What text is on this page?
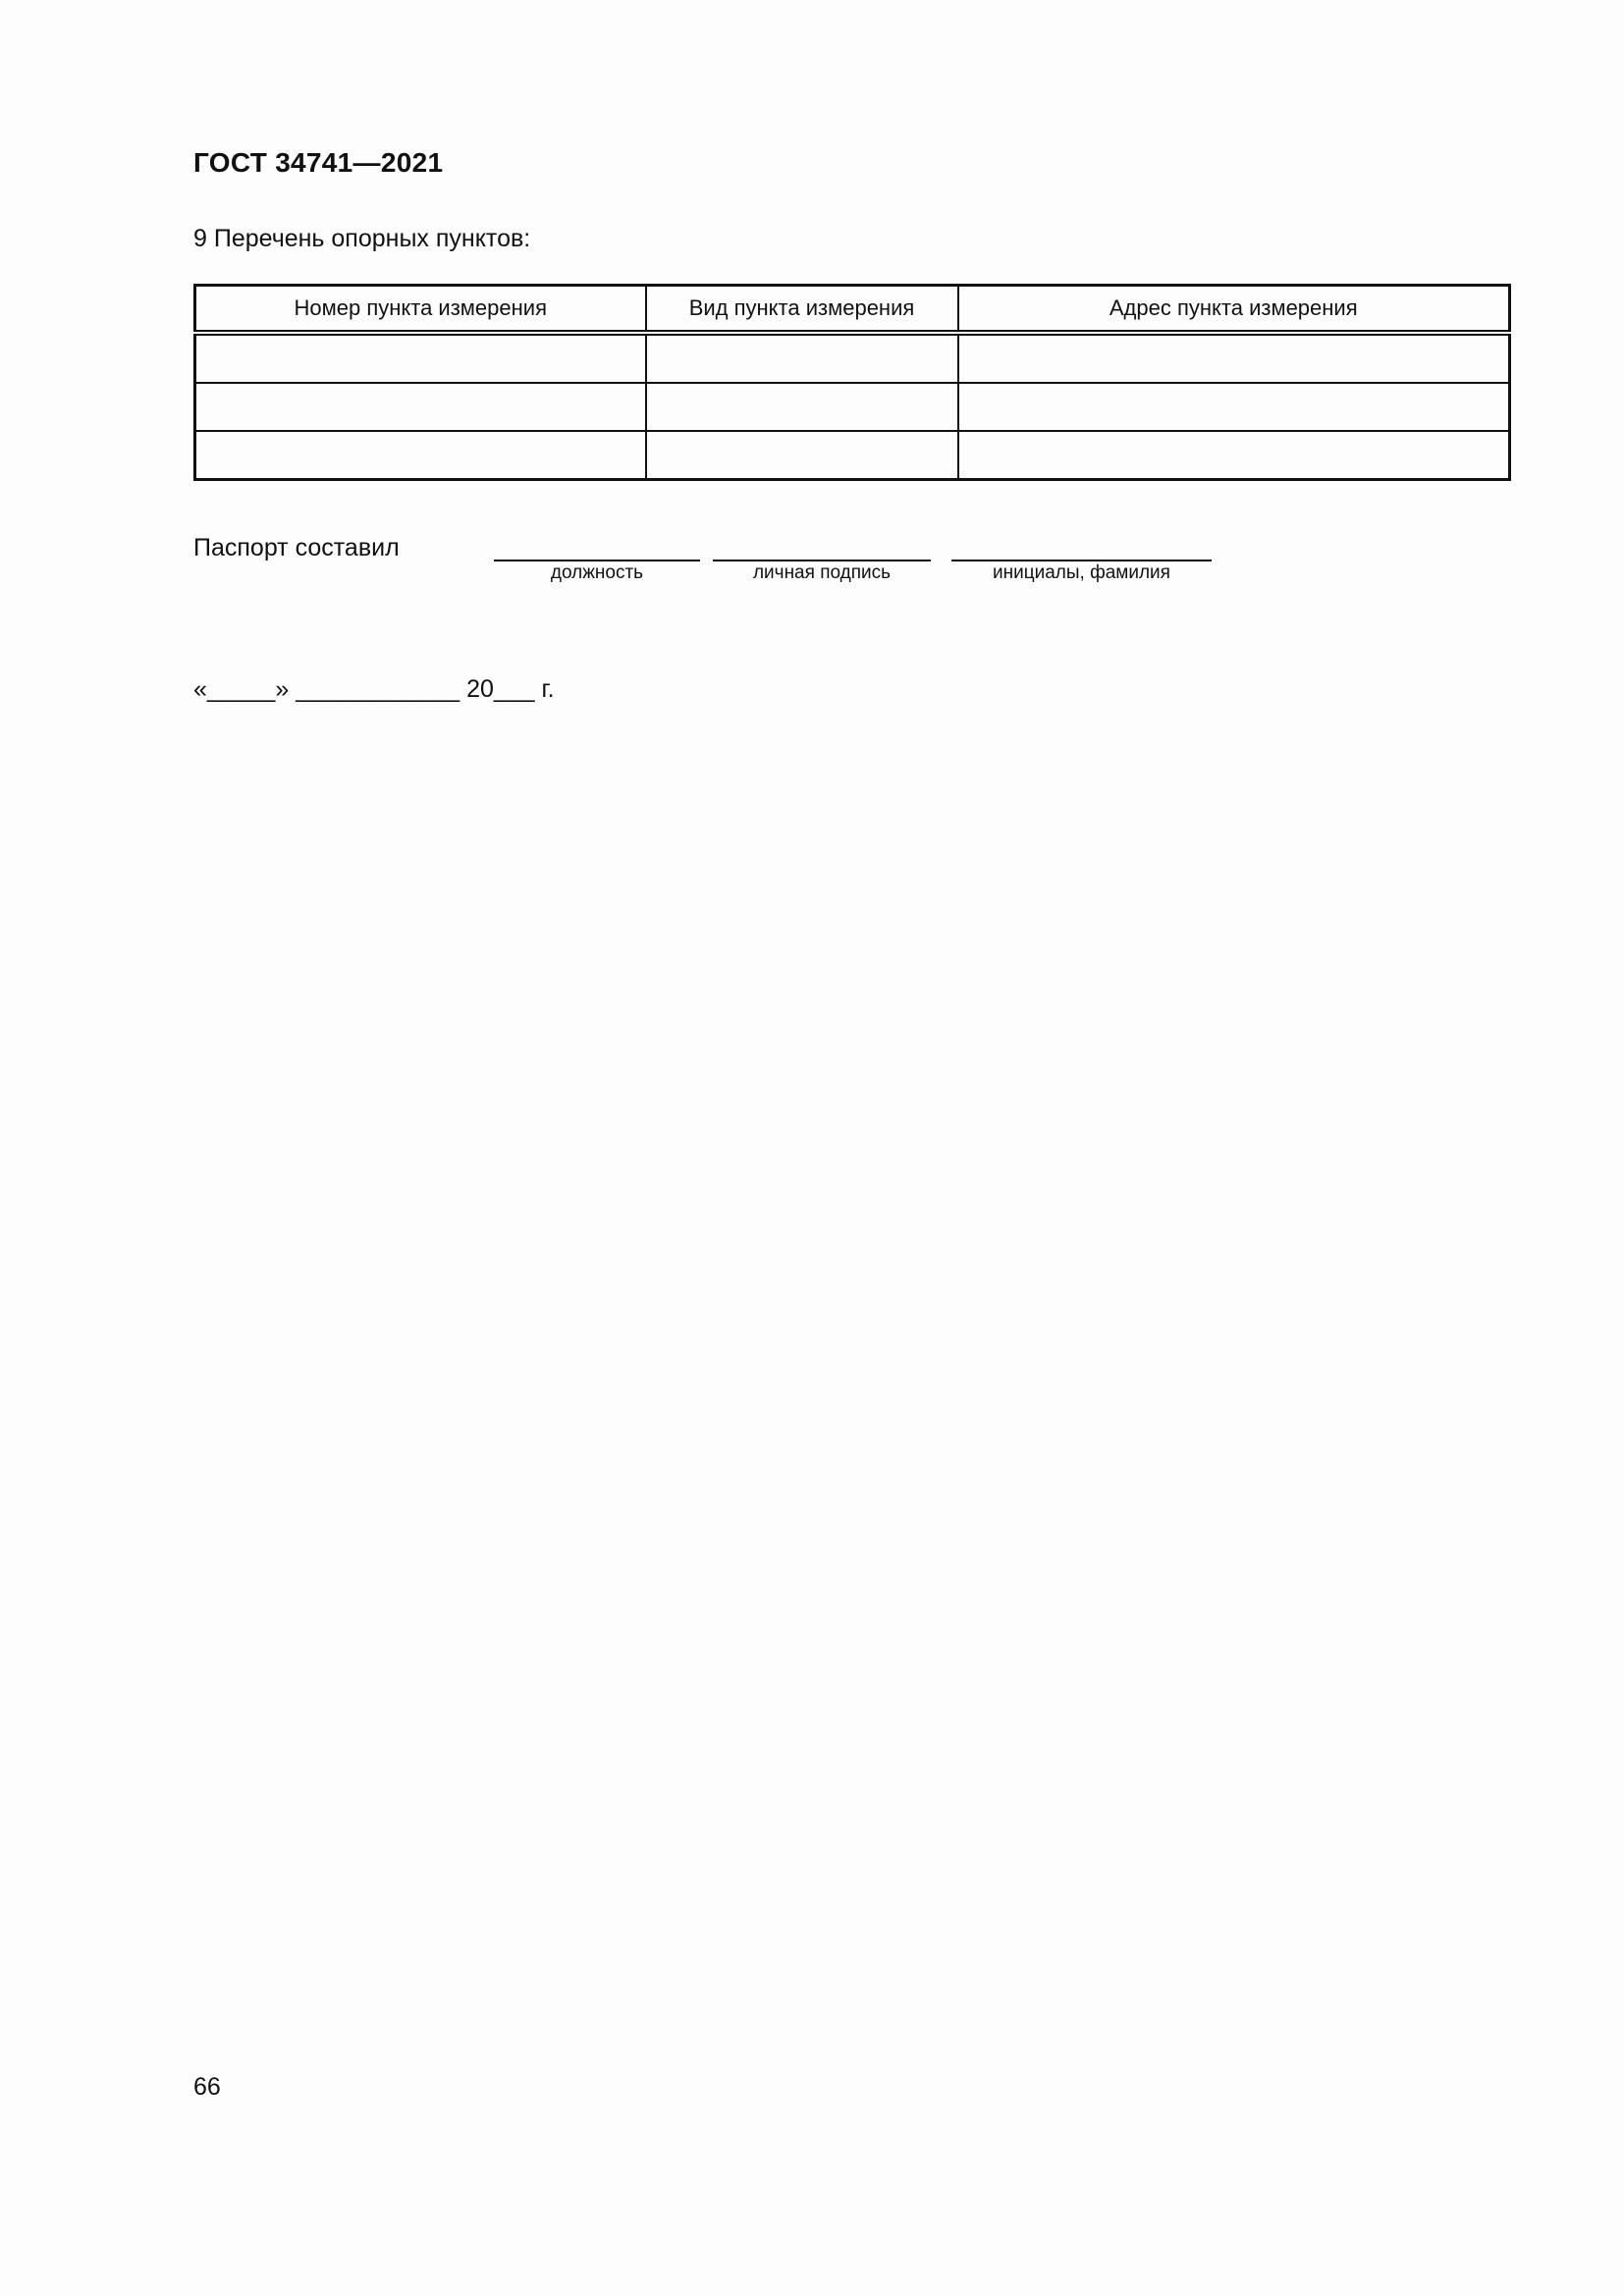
ГОСТ 34741—2021
9 Перечень опорных пунктов:
Номер пункта измерения	Вид пункта измерения	Адрес пункта измерения

Паспорт составил
должность	личная подпись	инициалы, фамилия
«_____» ____________ 20___ г.
66
